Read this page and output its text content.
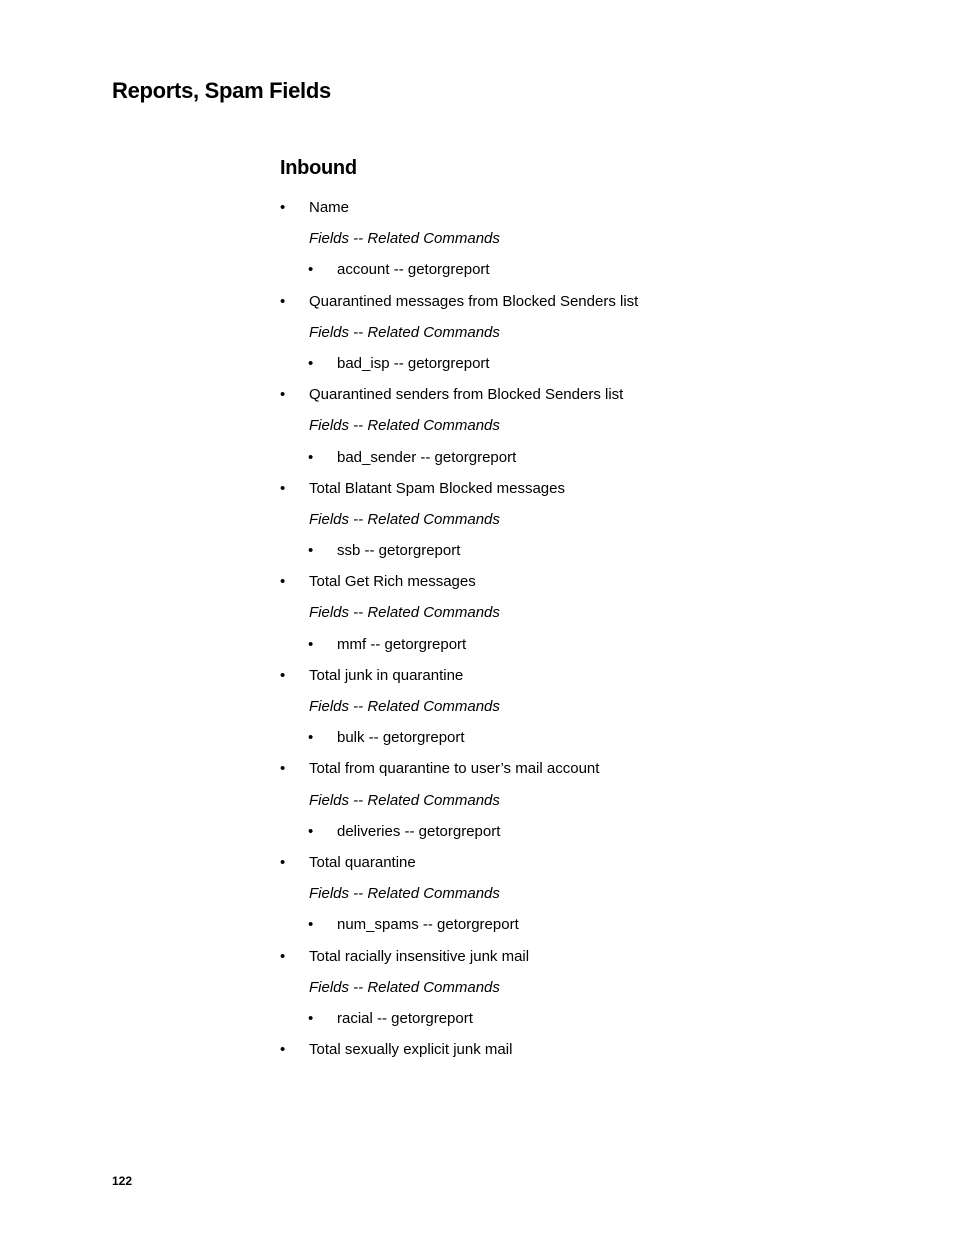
Reports, Spam Fields
Inbound
• Name
Fields -- Related Commands
• account -- getorgreport
• Quarantined messages from Blocked Senders list
Fields -- Related Commands
• bad_isp -- getorgreport
• Quarantined senders from Blocked Senders list
Fields -- Related Commands
• bad_sender -- getorgreport
• Total Blatant Spam Blocked messages
Fields -- Related Commands
• ssb -- getorgreport
• Total Get Rich messages
Fields -- Related Commands
• mmf -- getorgreport
• Total junk in quarantine
Fields -- Related Commands
• bulk -- getorgreport
• Total from quarantine to user’s mail account
Fields -- Related Commands
• deliveries -- getorgreport
• Total quarantine
Fields -- Related Commands
• num_spams -- getorgreport
• Total racially insensitive junk mail
Fields -- Related Commands
• racial -- getorgreport
• Total sexually explicit junk mail
122
